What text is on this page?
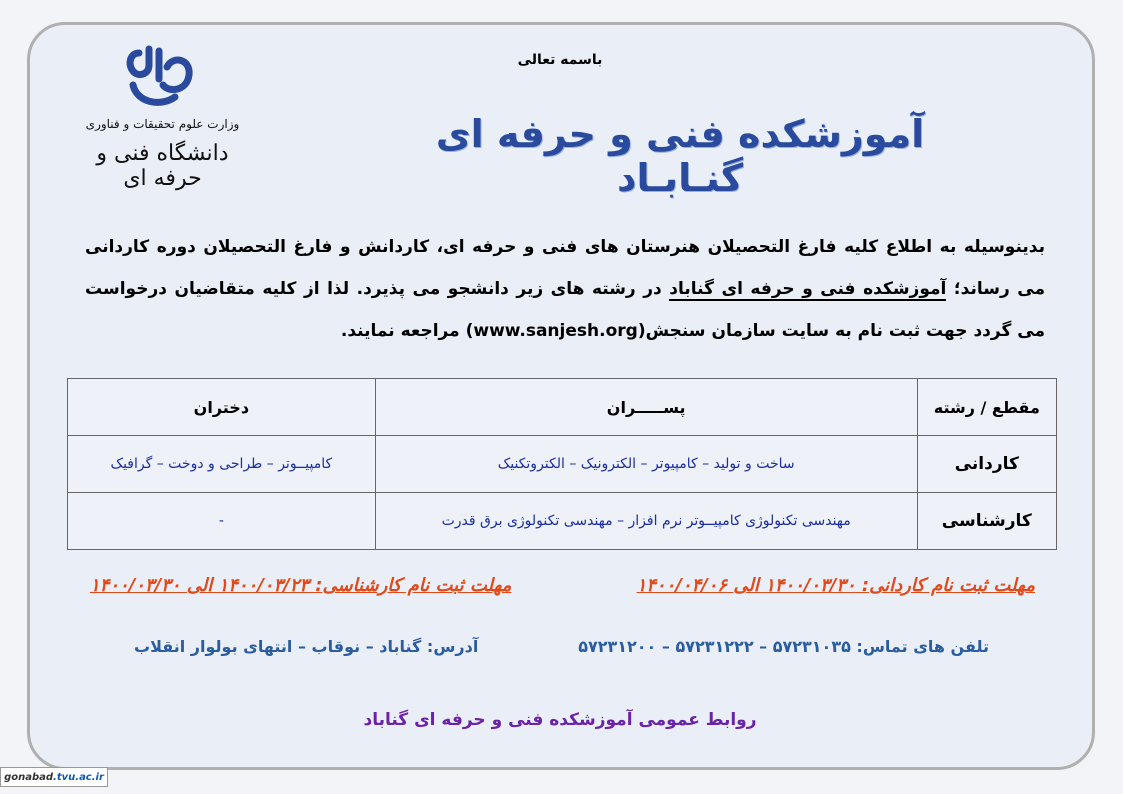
باسمه تعالی
وزارت علوم تحقیقات و فناوری
دانشگاه فنی و حرفه ای
آموزشکده فنی و حرفه ای گنـابـاد
بدینوسیله به اطلاع کلیه فارغ التحصیلان هنرستان های فنی و حرفه ای، کاردانش و فارغ التحصیلان دوره کاردانی می رساند؛ آموزشکده فنی و حرفه ای گناباد در رشته های زیر دانشجو می پذیرد. لذا از کلیه متقاضیان درخواست می گردد جهت ثبت نام به سایت سازمان سنجش(www.sanjesh.org) مراجعه نمایند.
مقطع / رشته	پســـــران	دختران
کاردانی	ساخت و تولید – کامپیوتر – الکترونیک – الکتروتکنیک	کامپیــوتر – طراحی و دوخت – گرافیک
کارشناسی	مهندسی تکنولوژی کامپیــوتر نرم افزار – مهندسی تکنولوژی برق قدرت	-
مهلت ثبت نام کاردانی: ۱۴۰۰/۰۳/۳۰ الی ۱۴۰۰/۰۴/۰۶
مهلت ثبت نام کارشناسی: ۱۴۰۰/۰۳/۲۳ الی ۱۴۰۰/۰۳/۳۰
تلفن های تماس: ۵۷۲۳۱۰۳۵ – ۵۷۲۳۱۲۲۲ – ۵۷۲۳۱۲۰۰
آدرس: گناباد – نوقاب – انتهای بولوار انقلاب
روابط عمومی آموزشکده فنی و حرفه ای گناباد
gonabad .tvu.ac.ir
